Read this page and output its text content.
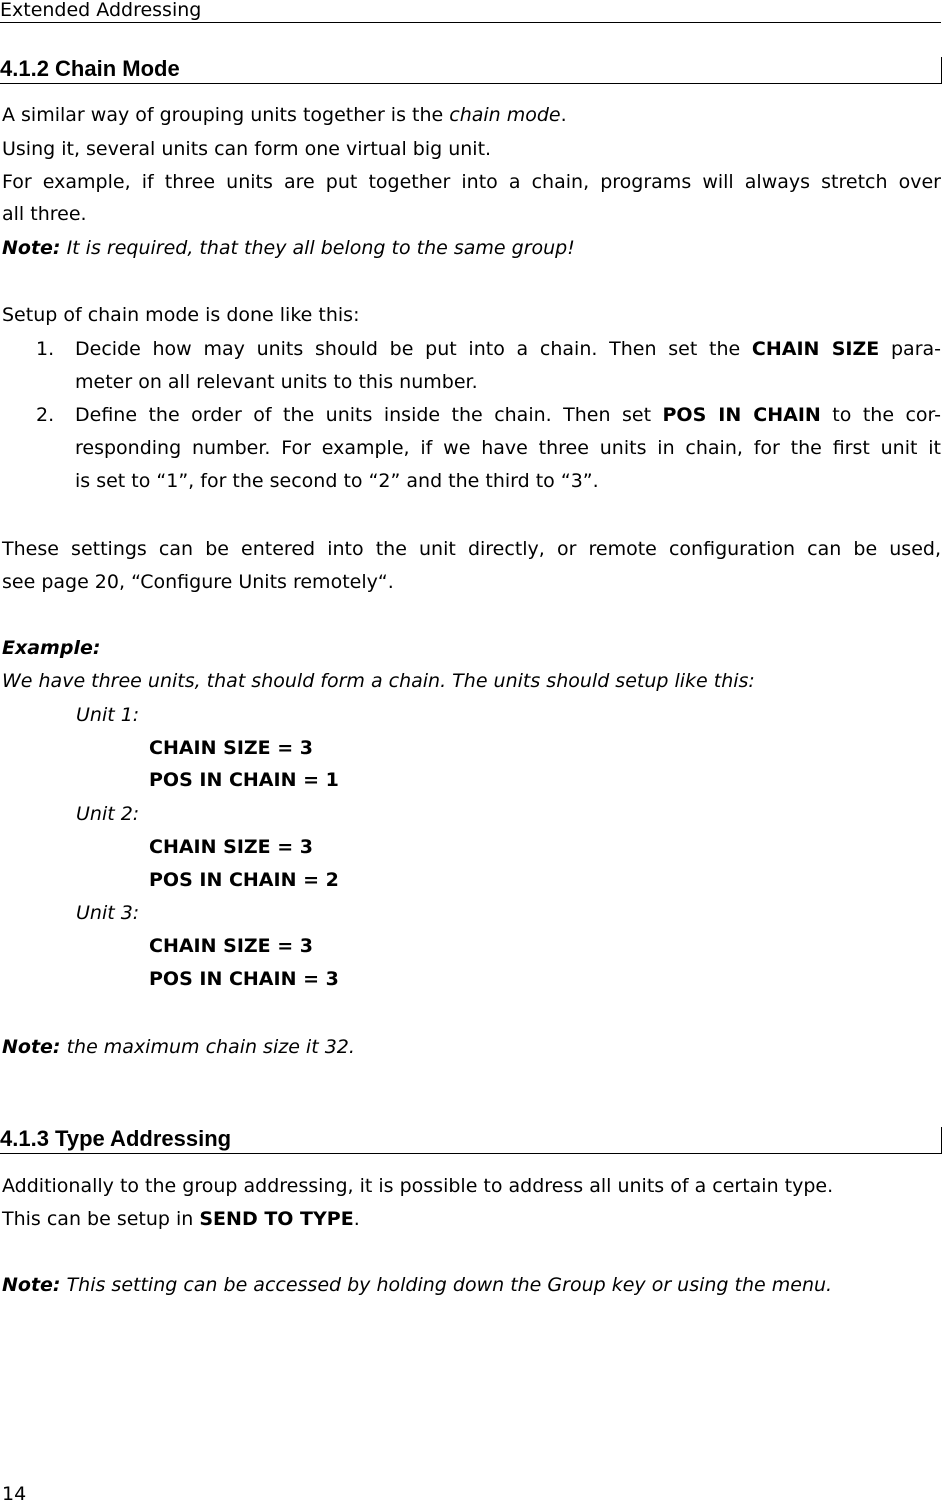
Extended Addressing
4.1.2 Chain Mode
A similar way of grouping units together is the chain mode.
Using it, several units can form one virtual big unit.
For example, if three units are put together into a chain, programs will always stretch over
all three.
Note: It is required, that they all belong to the same group!
Setup of chain mode is done like this:
1.	Decide how may units should be put into a chain. Then set the CHAIN SIZE para-
meter on all relevant units to this number.
2.	Define the order of the units inside the chain. Then set POS IN CHAIN to the cor-
responding number. For example, if we have three units in chain, for the first unit it
is set to “1”, for the second to “2” and the third to “3”.
These settings can be entered into the unit directly, or remote configuration can be used,
see page 20, “Configure Units remotely“.
Example:
We have three units, that should form a chain. The units should setup like this:
Unit 1:
CHAIN SIZE = 3
POS IN CHAIN = 1
Unit 2:
CHAIN SIZE = 3
POS IN CHAIN = 2
Unit 3:
CHAIN SIZE = 3
POS IN CHAIN = 3
Note: the maximum chain size it 32.
4.1.3 Type Addressing
Additionally to the group addressing, it is possible to address all units of a certain type.
This can be setup in SEND TO TYPE.
Note: This setting can be accessed by holding down the Group key or using the menu.
14
